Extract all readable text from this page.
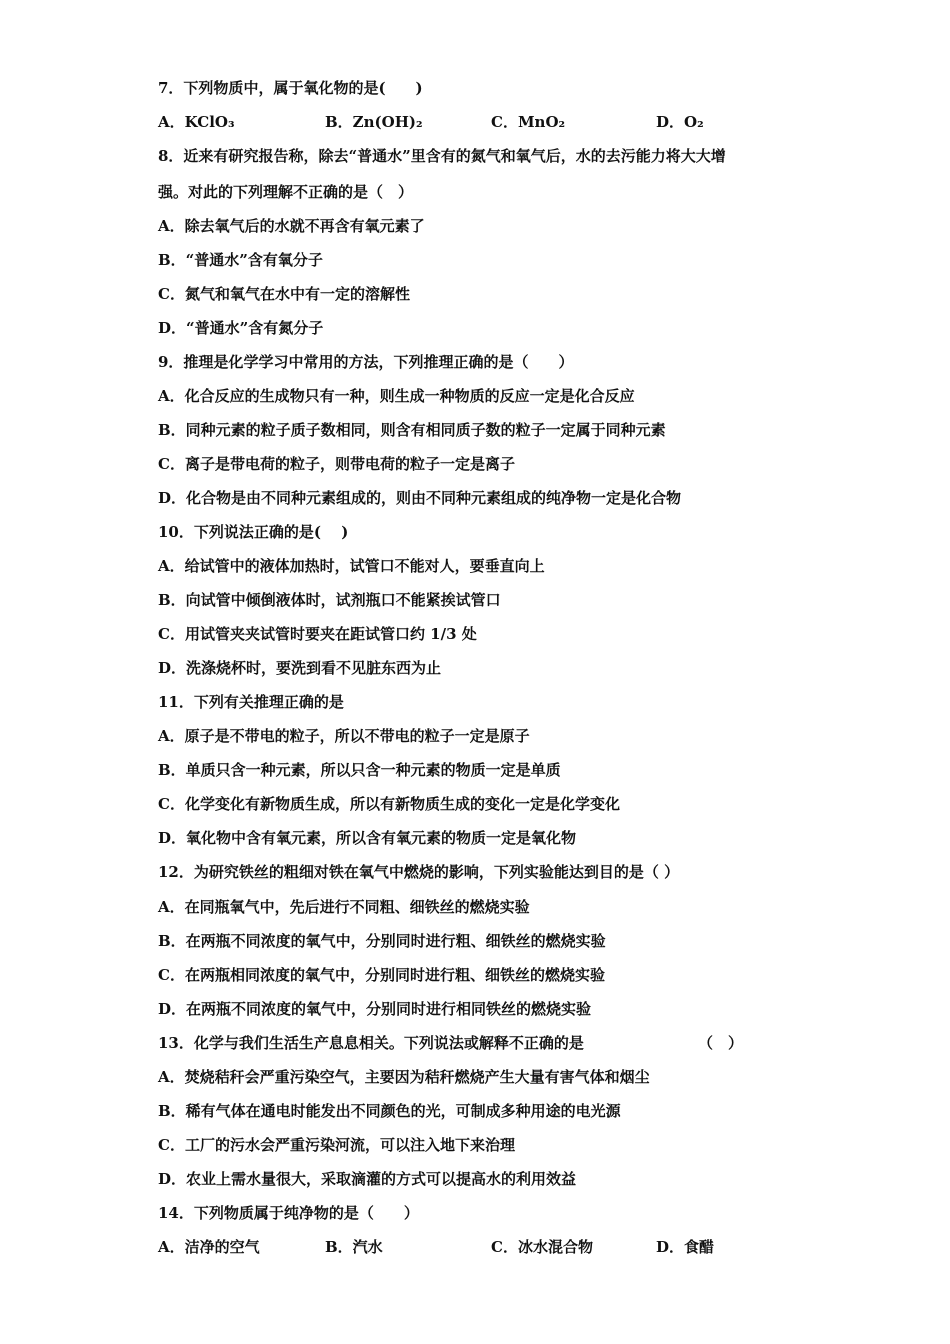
7．下列物质中，属于氧化物的是(　　)
A．KClO₃	B．Zn(OH)₂	C．MnO₂	D．O₂
8．近来有研究报告称，除去“普通水”里含有的氮气和氧气后，水的去污能力将大大增
强。对此的下列理解不正确的是（　）
A．除去氧气后的水就不再含有氧元素了
B．“普通水”含有氧分子
C．氮气和氧气在水中有一定的溶解性
D．“普通水”含有氮分子
9．推理是化学学习中常用的方法，下列推理正确的是（　　）
A．化合反应的生成物只有一种，则生成一种物质的反应一定是化合反应
B．同种元素的粒子质子数相同，则含有相同质子数的粒子一定属于同种元素
C．离子是带电荷的粒子，则带电荷的粒子一定是离子
D．化合物是由不同种元素组成的，则由不同种元素组成的纯净物一定是化合物
10．下列说法正确的是(　 )
A．给试管中的液体加热时，试管口不能对人，要垂直向上
B．向试管中倾倒液体时，试剂瓶口不能紧挨试管口
C．用试管夹夹试管时要夹在距试管口约 1/3 处
D．洗涤烧杯时，要洗到看不见脏东西为止
11．下列有关推理正确的是
A．原子是不带电的粒子，所以不带电的粒子一定是原子
B．单质只含一种元素，所以只含一种元素的物质一定是单质
C．化学变化有新物质生成，所以有新物质生成的变化一定是化学变化
D．氧化物中含有氧元素，所以含有氧元素的物质一定是氧化物
12．为研究铁丝的粗细对铁在氧气中燃烧的影响，下列实验能达到目的是（ ）
A．在同瓶氧气中，先后进行不同粗、细铁丝的燃烧实验
B．在两瓶不同浓度的氧气中，分别同时进行粗、细铁丝的燃烧实验
C．在两瓶相同浓度的氧气中，分别同时进行粗、细铁丝的燃烧实验
D．在两瓶不同浓度的氧气中，分别同时进行相同铁丝的燃烧实验
13．化学与我们生活生产息息相关。下列说法或解释不正确的是	（　）
A．焚烧秸秆会严重污染空气，主要因为秸秆燃烧产生大量有害气体和烟尘
B．稀有气体在通电时能发出不同颜色的光，可制成多种用途的电光源
C．工厂的污水会严重污染河流，可以注入地下来治理
D．农业上需水量很大，采取滴灌的方式可以提高水的利用效益
14．下列物质属于纯净物的是（　　）
A．洁净的空气	B．汽水	C．冰水混合物	D．食醋
